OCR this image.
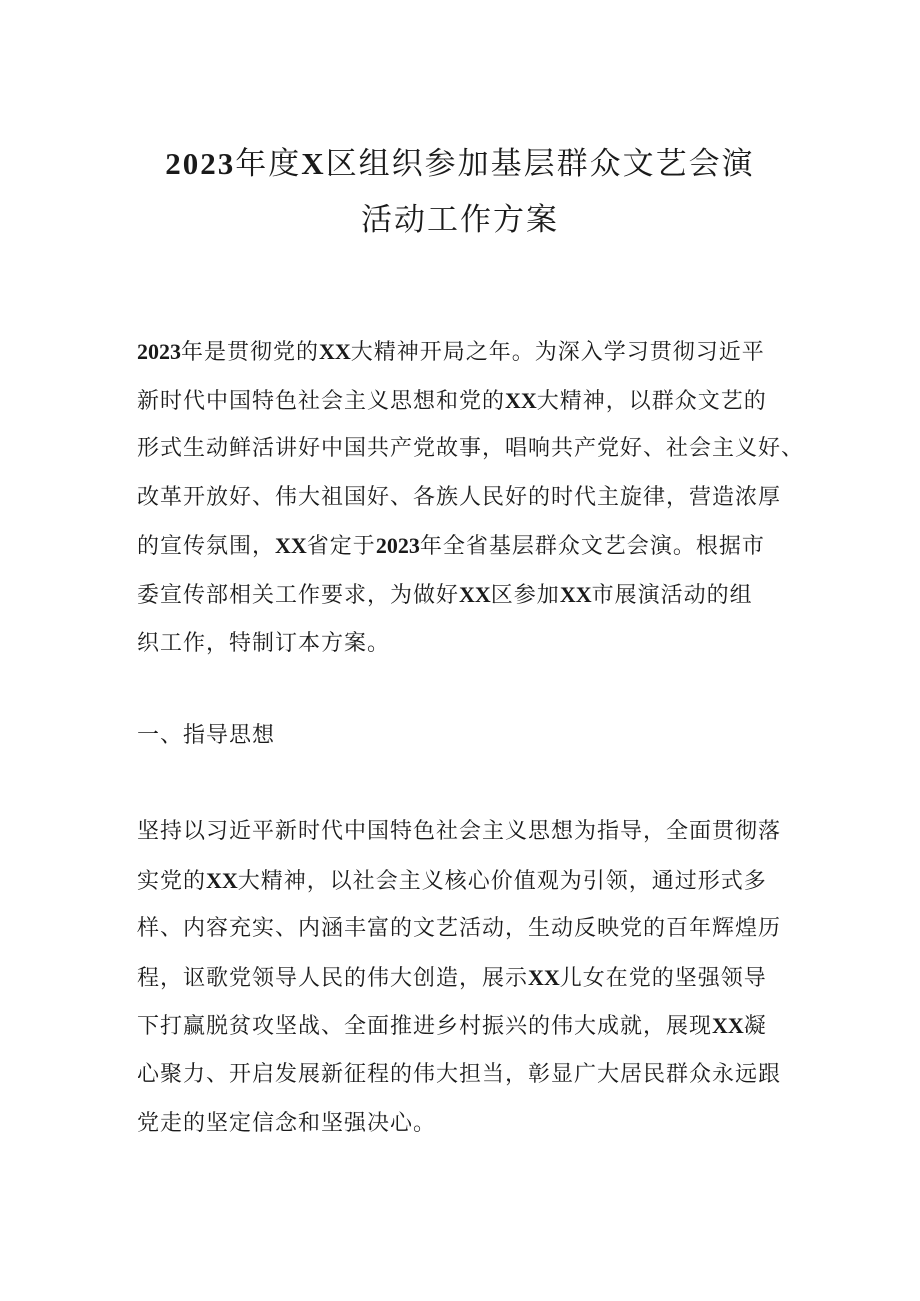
2023年度X区组织参加基层群众文艺会演
活动工作方案
2023年是贯彻党的XX大精神开局之年。为深入学习贯彻习近平
新时代中国特色社会主义思想和党的XX大精神，以群众文艺的
形式生动鲜活讲好中国共产党故事，唱响共产党好、社会主义好、
改革开放好、伟大祖国好、各族人民好的时代主旋律，营造浓厚
的宣传氛围，XX省定于2023年全省基层群众文艺会演。根据市
委宣传部相关工作要求，为做好XX区参加XX市展演活动的组
织工作，特制订本方案。
一、指导思想
坚持以习近平新时代中国特色社会主义思想为指导，全面贯彻落
实党的XX大精神，以社会主义核心价值观为引领，通过形式多
样、内容充实、内涵丰富的文艺活动，生动反映党的百年辉煌历
程，讴歌党领导人民的伟大创造，展示XX儿女在党的坚强领导
下打赢脱贫攻坚战、全面推进乡村振兴的伟大成就，展现XX凝
心聚力、开启发展新征程的伟大担当，彰显广大居民群众永远跟
党走的坚定信念和坚强决心。
